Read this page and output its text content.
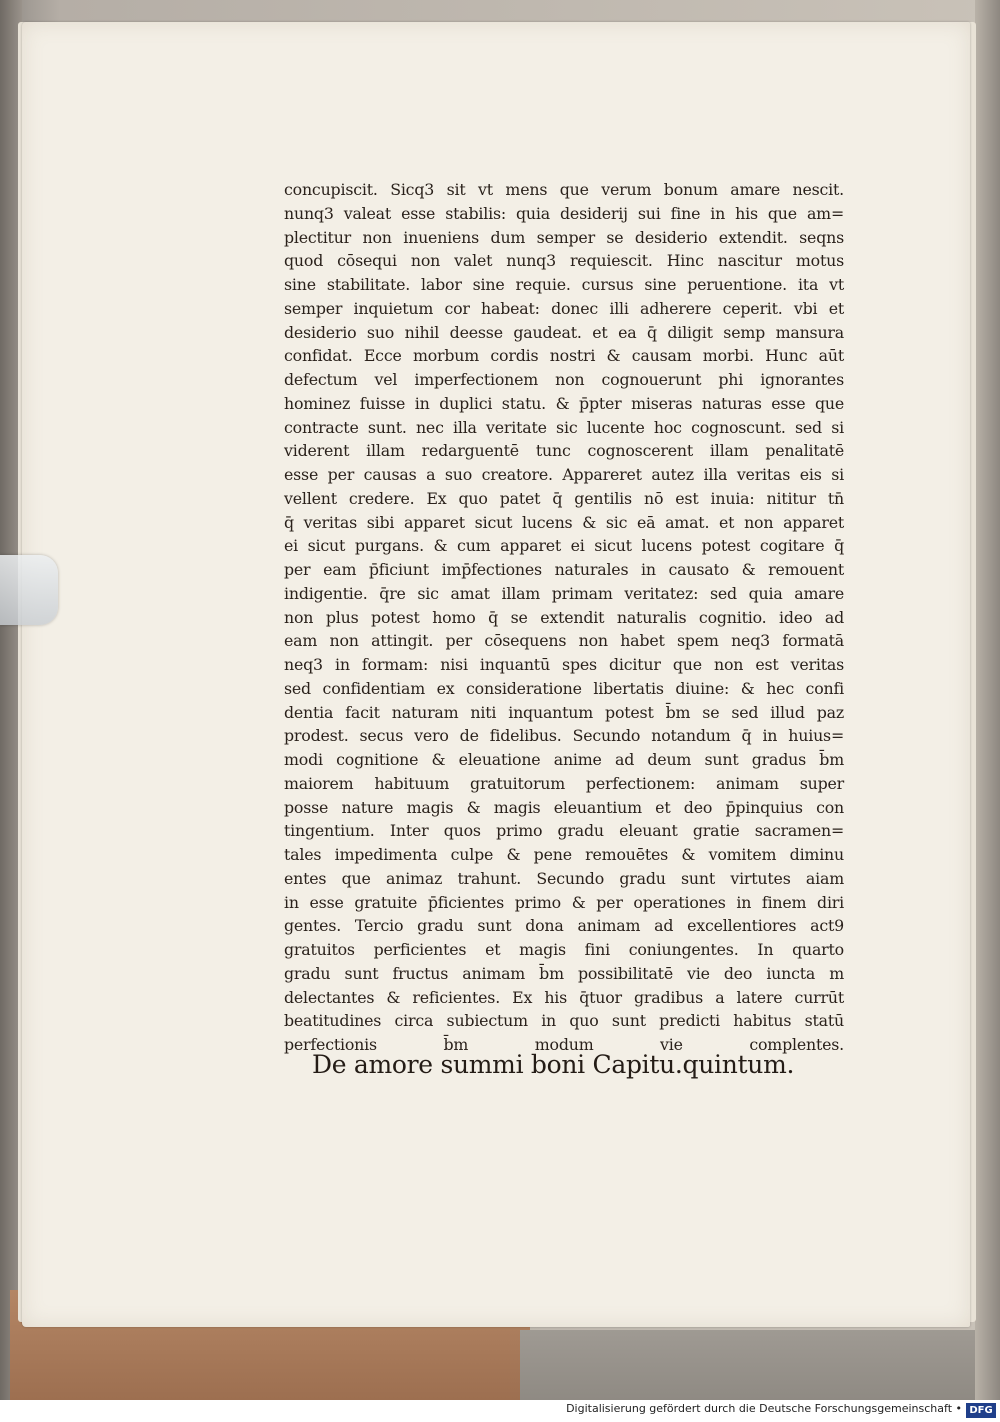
concupiscit. Sicq3 sit vt mens que verum bonum amare nescit.
nunq3 valeat esse stabilis: quia desiderij sui fine in his que am=
plectitur non inueniens dum semper se desiderio extendit. seqns
quod cōsequi non valet nunq3 requiescit. Hinc nascitur motus
sine stabilitate. labor sine requie. cursus sine peruentione. ita vt
semper inquietum cor habeat: donec illi adherere ceperit. vbi et
desiderio suo nihil deesse gaudeat. et ea q̄ diligit semp mansura
confidat. Ecce morbum cordis nostri & causam morbi. Hunc aūt
defectum vel imperfectionem non cognouerunt phi ignorantes
hominez fuisse in duplici statu. & p̄pter miseras naturas esse que
contracte sunt. nec illa veritate sic lucente hoc cognoscunt. sed si
viderent illam redarguentē tunc cognoscerent illam penalitatē
esse per causas a suo creatore. Appareret autez illa veritas eis si
vellent credere. Ex quo patet q̄ gentilis nō est inuia: nititur tn̄
q̄ veritas sibi apparet sicut lucens & sic eā amat. et non apparet
ei sicut purgans. & cum apparet ei sicut lucens potest cogitare q̄
per eam p̄ficiunt imp̄fectiones naturales in causato & remouent
indigentie. q̄re sic amat illam primam veritatez: sed quia amare
non plus potest homo q̄ se extendit naturalis cognitio. ideo ad
eam non attingit. per cōsequens non habet spem neq3 formatā
neq3 in formam: nisi inquantū spes dicitur que non est veritas
sed confidentiam ex consideratione libertatis diuine: & hec confi
dentia facit naturam niti inquantum potest b̄m se sed illud paz
prodest. secus vero de fidelibus. Secundo notandum q̄ in huius=
modi cognitione & eleuatione anime ad deum sunt gradus b̄m
maiorem habituum gratuitorum perfectionem: animam super
posse nature magis & magis eleuantium et deo p̄pinquius con
tingentium. Inter quos primo gradu eleuant gratie sacramen=
tales impedimenta culpe & pene remouētes & vomitem diminu
entes que animaz trahunt. Secundo gradu sunt virtutes aiam
in esse gratuite p̄ficientes primo & per operationes in finem diri
gentes. Tercio gradu sunt dona animam ad excellentiores act9
gratuitos perficientes et magis fini coniungentes. In quarto
gradu sunt fructus animam b̄m possibilitatē vie deo iuncta m
delectantes & reficientes. Ex his q̄tuor gradibus a latere currūt
beatitudines circa subiectum in quo sunt predicti habitus statū
perfectionis b̄m modum vie complentes.
De amore summi boni Capitu.quintum.
Digitalisierung gefördert durch die Deutsche Forschungsgemeinschaft • DFG
